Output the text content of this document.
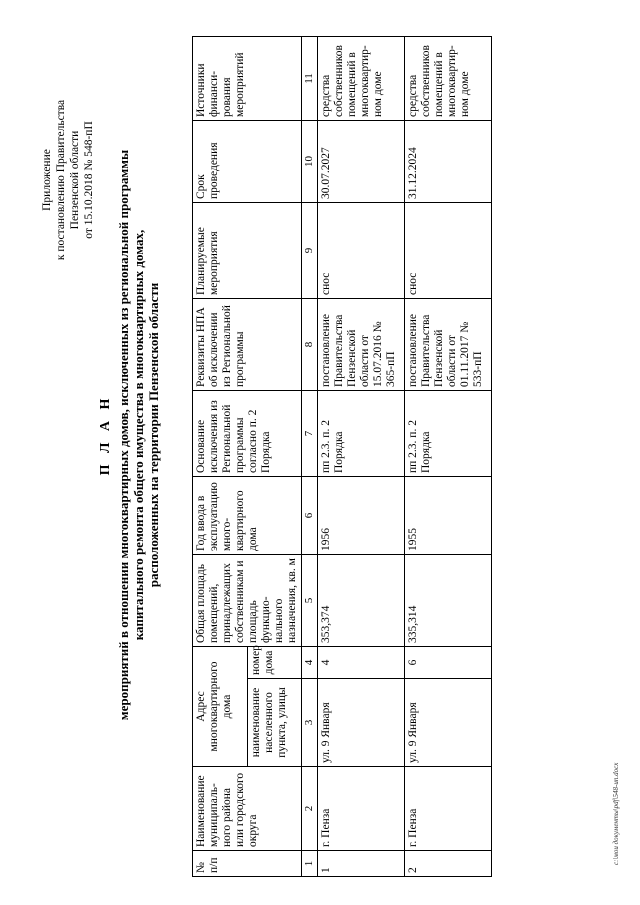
Приложение к постановлению Правительства Пензенской области от 15.10.2018 № 548-пП
П Л А Н мероприятий в отношении многоквартирных домов, исключенных из региональной программы капитального ремонта общего имущества в многоквартирных домах, расположенных на территории Пензенской области
№ п/п	Наименование муниципального района или городского округа	Адрес многоквартирного дома		Общая площадь помещений, принадлежащих собственникам и площадь функционального назначения, кв. м	Год ввода в эксплуатацию многоквартирного дома	Основание исключения из Региональной программы согласно п. 2 Порядка	Реквизиты НПА об исключении из Региональной программы	Планируемые мероприятия	Срок проведения	Источники финансирования мероприятий
		наименование населенного пункта, улицы	номер дома							
1	2	3	4	5	6	7	8	9	10	11
1	г. Пенза	ул. 9 Января	4	353,374	1956	пп 2.3. п. 2 Порядка	постановление Правительства Пензенской области от 15.07.2016 № 365-пП	снос	30.07.2027	средства собственников помещений в многоквартирном доме
2	г. Пенза	ул. 9 Января	6	335,314	1955	пп 2.3. п. 2 Порядка	постановление Правительства Пензенской области от 01.11.2017 № 533-пП	снос	31.12.2024	средства собственников помещений в многоквартирном доме
c:\мои документы\pdf\548-un.docx
